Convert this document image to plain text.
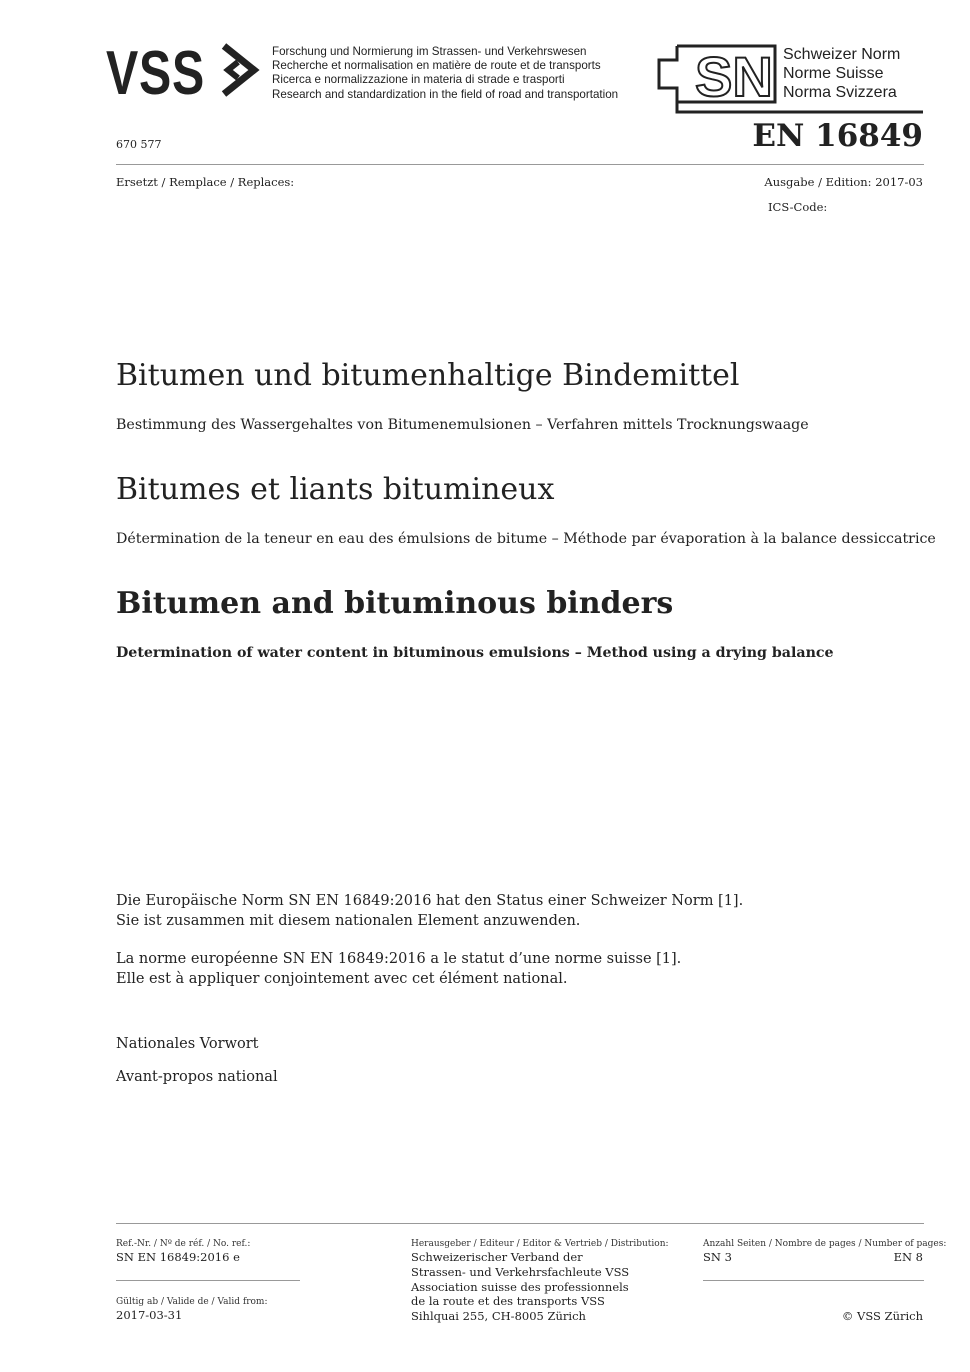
VSS	Forschung und Normierung im Strassen- und Verkehrswesen
Recherche et normalisation en matière de route et de transports
Ricerca e normalizzazione in materia di strade e trasporti
Research and standardization in the field of road and transportation SN Schweizer Norm
Norme Suisse
Norma Svizzera
670 577	EN 16849
Ersetzt / Remplace / Replaces:	Ausgabe / Edition: 2017-03
ICS-Code:
Bitumen und bitumenhaltige Bindemittel
Bestimmung des Wassergehaltes von Bitumenemulsionen – Verfahren mittels Trocknungswaage
Bitumes et liants bitumineux
Détermination de la teneur en eau des émulsions de bitume – Méthode par évaporation à la balance dessiccatrice
Bitumen and bituminous binders
Determination of water content in bituminous emulsions – Method using a drying balance
Die Europäische Norm SN EN 16849:2016 hat den Status einer Schweizer Norm [1].
Sie ist zusammen mit diesem nationalen Element anzuwenden.
La norme européenne SN EN 16849:2016 a le statut d’une norme suisse [1].
Elle est à appliquer conjointement avec cet élément national.
Nationales Vorwort
Avant-propos national
Ref.-Nr. / Nº de réf. / No. ref.:
SN EN 16849:2016 e
Gültig ab / Valide de / Valid from:
2017-03-31
Herausgeber / Editeur / Editor & Vertrieb / Distribution:
Schweizerischer Verband der
Strassen- und Verkehrsfachleute VSS
Association suisse des professionnels
de la route et des transports VSS
Sihlquai 255, CH-8005 Zürich
Anzahl Seiten / Nombre de pages / Number of pages:
SN 3	EN 8
© VSS Zürich
